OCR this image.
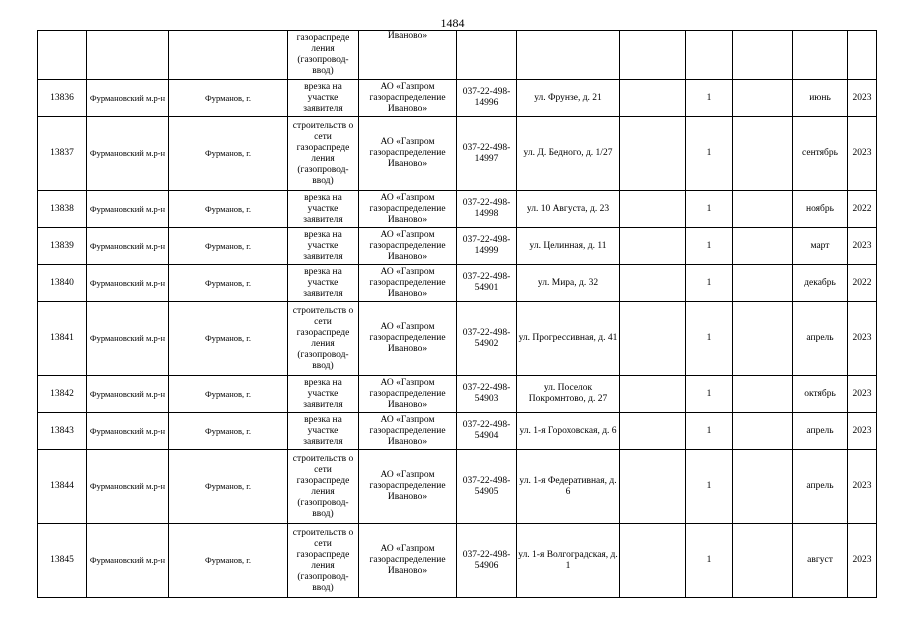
1484
			газораспреде ления (газопровод-ввод)	Иваново»							
13836	Фурмановский м.р-н	Фурманов, г.	врезка на участке заявителя	АО «Газпром газораспределение Иваново»	037-22-498-14996	ул. Фрунзе, д. 21		1		июнь	2023
13837	Фурмановский м.р-н	Фурманов, г.	строительств о сети газораспреде ления (газопровод-ввод)	АО «Газпром газораспределение Иваново»	037-22-498-14997	ул. Д. Бедного, д. 1/27		1		сентябрь	2023
13838	Фурмановский м.р-н	Фурманов, г.	врезка на участке заявителя	АО «Газпром газораспределение Иваново»	037-22-498-14998	ул. 10 Августа, д. 23		1		ноябрь	2022
13839	Фурмановский м.р-н	Фурманов, г.	врезка на участке заявителя	АО «Газпром газораспределение Иваново»	037-22-498-14999	ул. Целинная, д. 11		1		март	2023
13840	Фурмановский м.р-н	Фурманов, г.	врезка на участке заявителя	АО «Газпром газораспределение Иваново»	037-22-498-54901	ул. Мира, д. 32		1		декабрь	2022
13841	Фурмановский м.р-н	Фурманов, г.	строительств о сети газораспреде ления (газопровод-ввод)	АО «Газпром газораспределение Иваново»	037-22-498-54902	ул. Прогрессивная, д. 41		1		апрель	2023
13842	Фурмановский м.р-н	Фурманов, г.	врезка на участке заявителя	АО «Газпром газораспределение Иваново»	037-22-498-54903	ул. Поселок Покромнтово, д. 27		1		октябрь	2023
13843	Фурмановский м.р-н	Фурманов, г.	врезка на участке заявителя	АО «Газпром газораспределение Иваново»	037-22-498-54904	ул. 1-я Гороховская, д. 6		1		апрель	2023
13844	Фурмановский м.р-н	Фурманов, г.	строительств о сети газораспреде ления (газопровод-ввод)	АО «Газпром газораспределение Иваново»	037-22-498-54905	ул. 1-я Федеративная, д. 6		1		апрель	2023
13845	Фурмановский м.р-н	Фурманов, г.	строительств о сети газораспреде ления (газопровод-ввод)	АО «Газпром газораспределение Иваново»	037-22-498-54906	ул. 1-я Волгоградская, д. 1		1		август	2023
